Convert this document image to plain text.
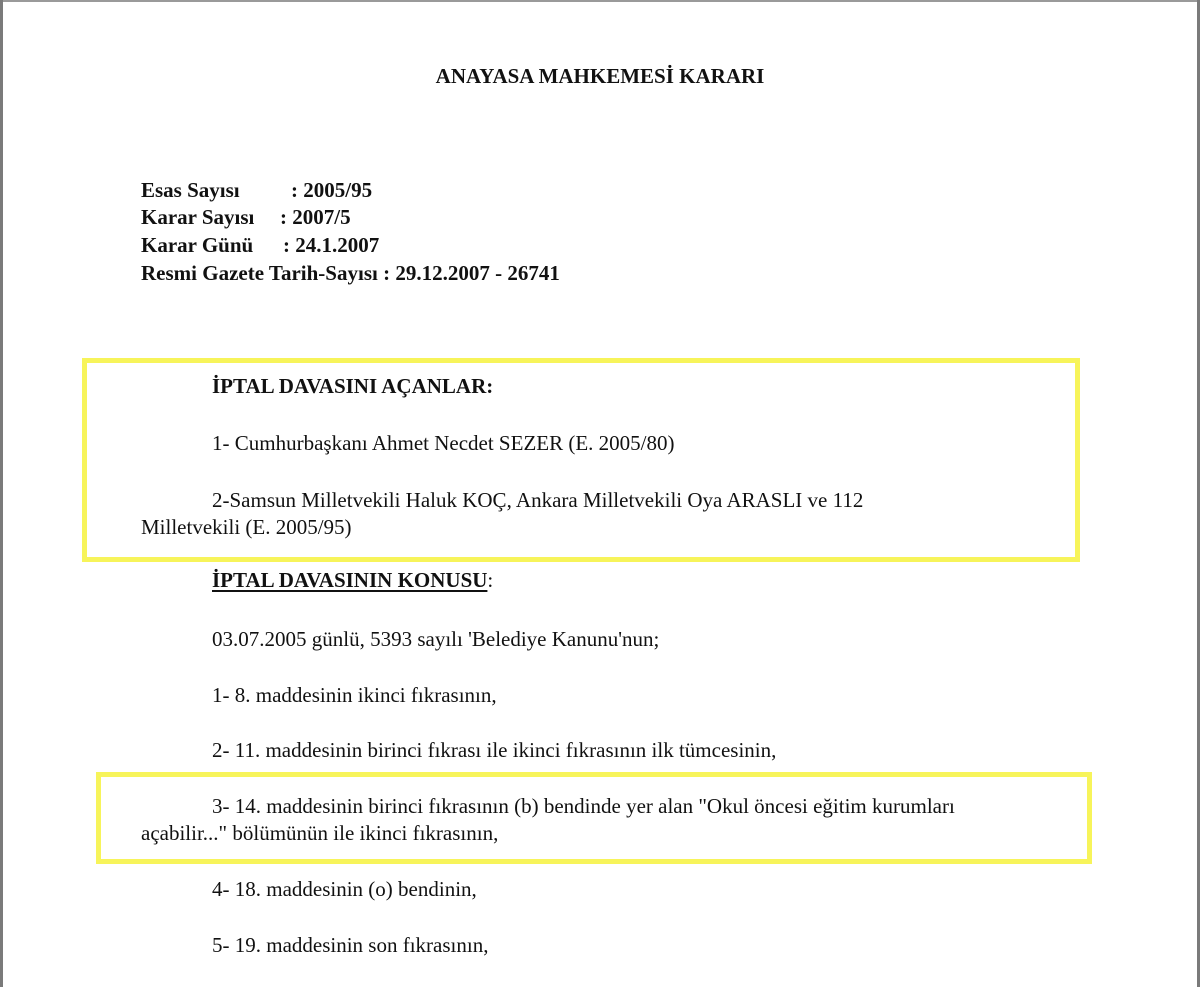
ANAYASA MAHKEMESİ KARARI
Esas Sayısı : 2005/95
Karar Sayısı : 2007/5
Karar Günü : 24.1.2007
Resmi Gazete Tarih-Sayısı : 29.12.2007 - 26741
İPTAL DAVASINI AÇANLAR:
1- Cumhurbaşkanı Ahmet Necdet SEZER (E. 2005/80)
2-Samsun Milletvekili Haluk KOÇ, Ankara Milletvekili Oya ARASLI ve 112
Milletvekili (E. 2005/95)
İPTAL DAVASININ KONUSU:
03.07.2005 günlü, 5393 sayılı 'Belediye Kanunu'nun;
1- 8. maddesinin ikinci fıkrasının,
2- 11. maddesinin birinci fıkrası ile ikinci fıkrasının ilk tümcesinin,
3- 14. maddesinin birinci fıkrasının (b) bendinde yer alan "Okul öncesi eğitim kurumları
açabilir..." bölümünün ile ikinci fıkrasının,
4- 18. maddesinin (o) bendinin,
5- 19. maddesinin son fıkrasının,
